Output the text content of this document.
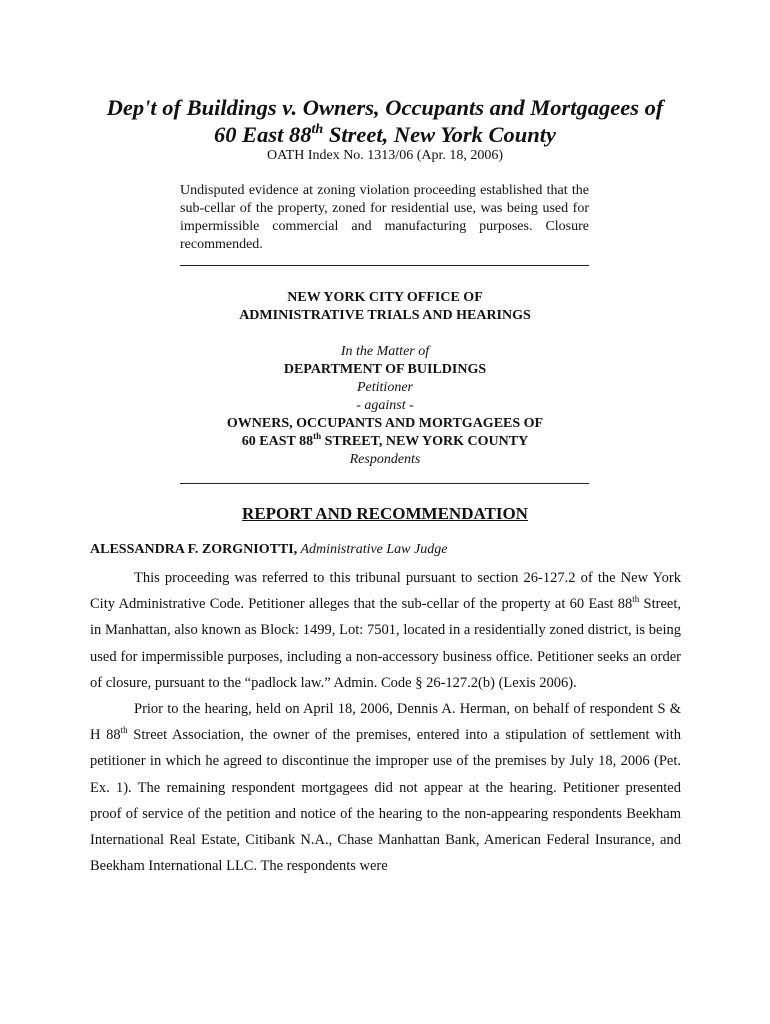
Dep't of Buildings v. Owners, Occupants and Mortgagees of
60 East 88th Street, New York County
OATH Index No. 1313/06 (Apr. 18, 2006)
Undisputed evidence at zoning violation proceeding established that the sub-cellar of the property, zoned for residential use, was being used for impermissible commercial and manufacturing purposes. Closure recommended.
NEW YORK CITY OFFICE OF
ADMINISTRATIVE TRIALS AND HEARINGS
In the Matter of
DEPARTMENT OF BUILDINGS
Petitioner
- against -
OWNERS, OCCUPANTS AND MORTGAGEES OF
60 EAST 88th STREET, NEW YORK COUNTY
Respondents
REPORT AND RECOMMENDATION
ALESSANDRA F. ZORGNIOTTI, Administrative Law Judge

This proceeding was referred to this tribunal pursuant to section 26-127.2 of the New York City Administrative Code. Petitioner alleges that the sub-cellar of the property at 60 East 88th Street, in Manhattan, also known as Block: 1499, Lot: 7501, located in a residentially zoned district, is being used for impermissible purposes, including a non-accessory business office. Petitioner seeks an order of closure, pursuant to the “padlock law.” Admin. Code § 26-127.2(b) (Lexis 2006).

Prior to the hearing, held on April 18, 2006, Dennis A. Herman, on behalf of respondent S & H 88th Street Association, the owner of the premises, entered into a stipulation of settlement with petitioner in which he agreed to discontinue the improper use of the premises by July 18, 2006 (Pet. Ex. 1). The remaining respondent mortgagees did not appear at the hearing. Petitioner presented proof of service of the petition and notice of the hearing to the non-appearing respondents Beekham International Real Estate, Citibank N.A., Chase Manhattan Bank, American Federal Insurance, and Beekham International LLC. The respondents were
